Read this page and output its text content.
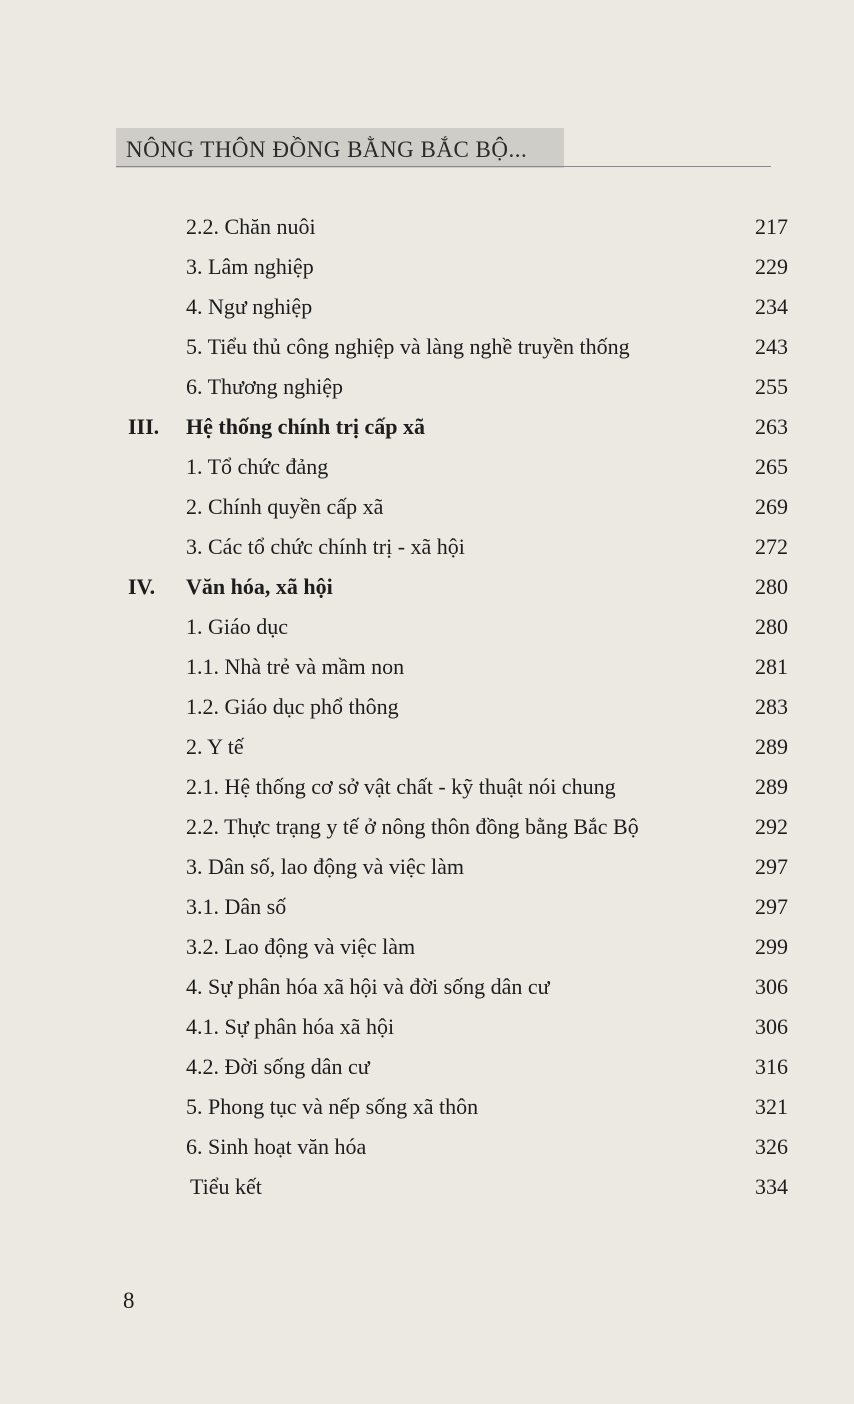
NÔNG THÔN ĐỒNG BẰNG BẮC BỘ...
2.2. Chăn nuôi	217
3. Lâm nghiệp	229
4. Ngư nghiệp	234
5. Tiểu thủ công nghiệp và làng nghề truyền thống	243
6. Thương nghiệp	255
III. Hệ thống chính trị cấp xã	263
1. Tổ chức đảng	265
2. Chính quyền cấp xã	269
3. Các tổ chức chính trị - xã hội	272
IV. Văn hóa, xã hội	280
1. Giáo dục	280
1.1. Nhà trẻ và mầm non	281
1.2. Giáo dục phổ thông	283
2. Y tế	289
2.1. Hệ thống cơ sở vật chất - kỹ thuật nói chung	289
2.2. Thực trạng y tế ở nông thôn đồng bằng Bắc Bộ	292
3. Dân số, lao động và việc làm	297
3.1. Dân số	297
3.2. Lao động và việc làm	299
4. Sự phân hóa xã hội và đời sống dân cư	306
4.1. Sự phân hóa xã hội	306
4.2. Đời sống dân cư	316
5. Phong tục và nếp sống xã thôn	321
6. Sinh hoạt văn hóa	326
Tiểu kết	334
8
